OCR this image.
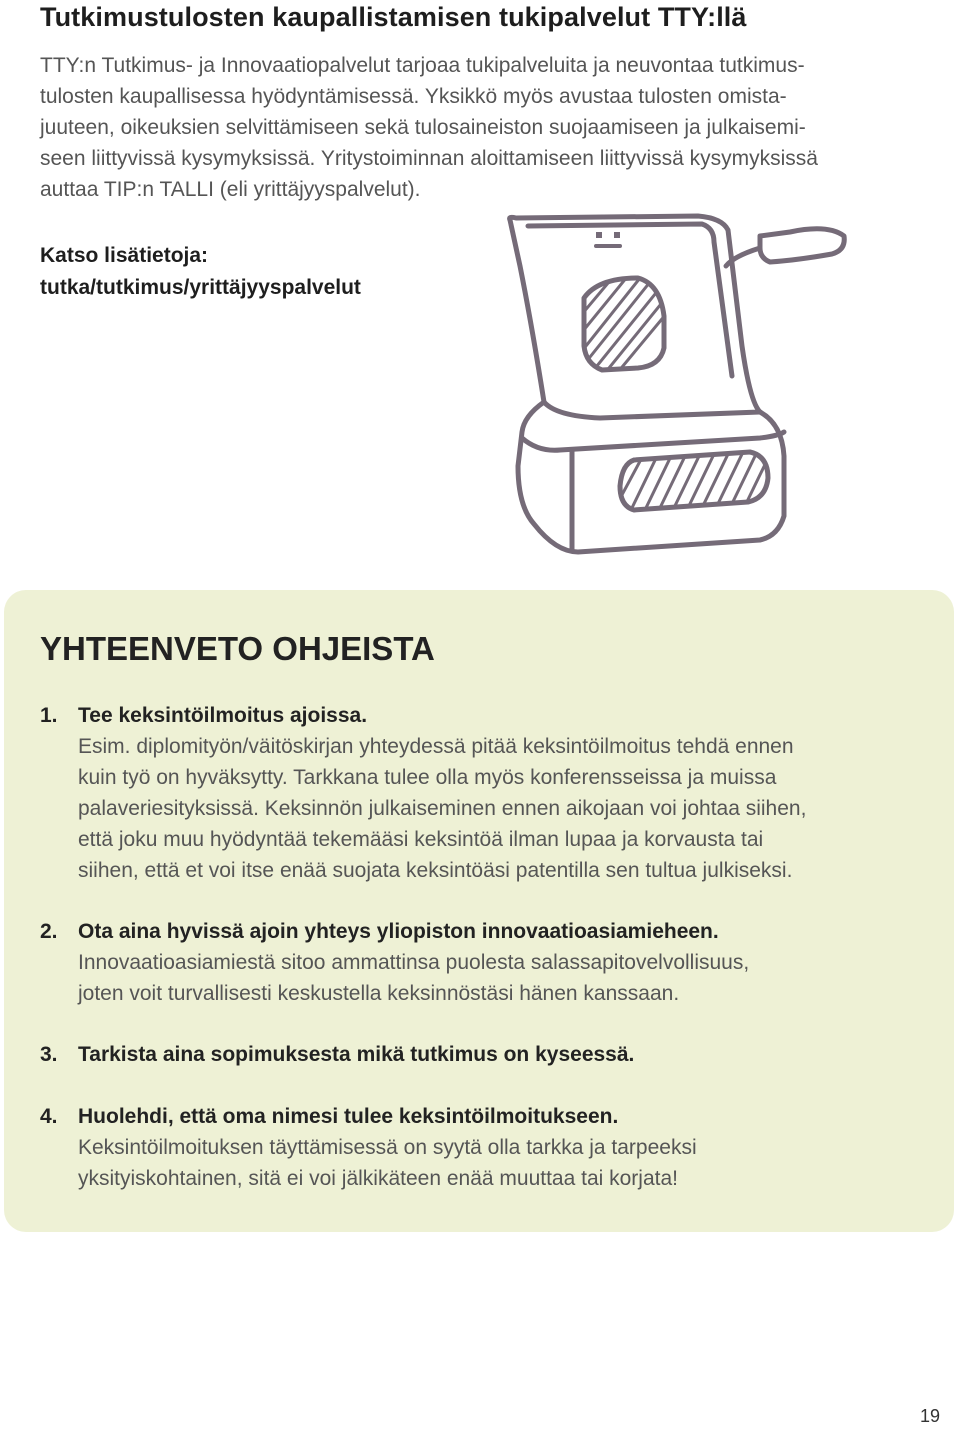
Tutkimustulosten kaupallistamisen tukipalvelut TTY:llä

TTY:n Tutkimus- ja Innovaatiopalvelut tarjoaa tukipalveluita ja neuvontaa tutkimus-
tulosten kaupallisessa hyödyntämisessä. Yksikkö myös avustaa tulosten omista-
juuteen, oikeuksien selvittämiseen sekä tulosaineiston suojaamiseen ja julkaisemi-
seen liittyvissä kysymyksissä. Yritystoiminnan aloittamiseen liittyvissä kysymyksissä
auttaa TIP:n TALLI (eli yrittäjyyspalvelut).

Katso lisätietoja:
tutka/tutkimus/yrittäjyyspalvelut

YHTEENVETO OHJEISTA
1. Tee keksintöilmoitus ajoissa.
Esim. diplomityön/väitöskirjan yhteydessä pitää keksintöilmoitus tehdä ennen
kuin työ on hyväksytty. Tarkkana tulee olla myös konferensseissa ja muissa
palaveriesityksissä. Keksinnön julkaiseminen ennen aikojaan voi johtaa siihen,
että joku muu hyödyntää tekemääsi keksintöä ilman lupaa ja korvausta tai
siihen, että et voi itse enää suojata keksintöäsi patentilla sen tultua julkiseksi.
2. Ota aina hyvissä ajoin yhteys yliopiston innovaatioasiamieheen.
Innovaatioasiamiestä sitoo ammattinsa puolesta salassapitovelvollisuus,
joten voit turvallisesti keskustella keksinnöstäsi hänen kanssaan.
3. Tarkista aina sopimuksesta mikä tutkimus on kyseessä.
4. Huolehdi, että oma nimesi tulee keksintöilmoitukseen.
Keksintöilmoituksen täyttämisessä on syytä olla tarkka ja tarpeeksi
yksityiskohtainen, sitä ei voi jälkikäteen enää muuttaa tai korjata!
19
